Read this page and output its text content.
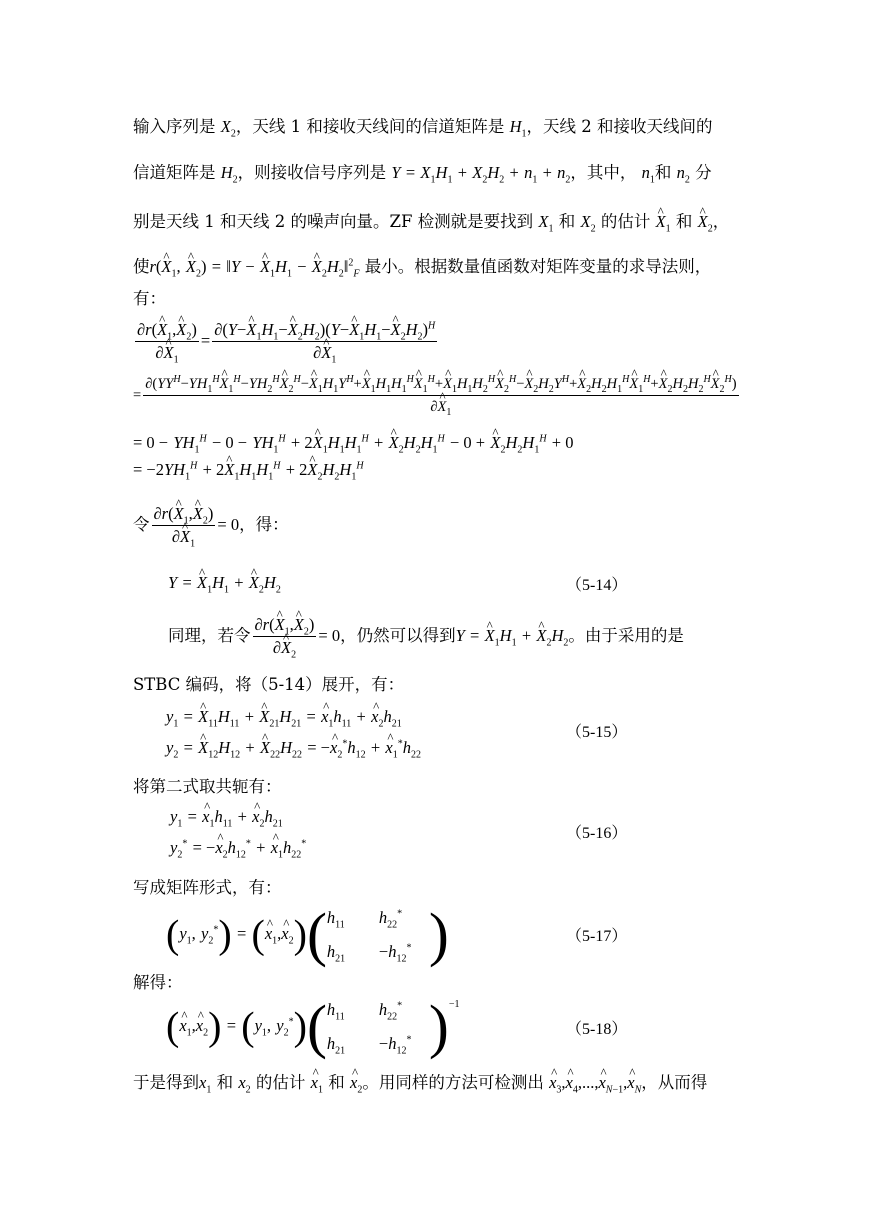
输入序列是 $X_2$，天线 1 和接收天线间的信道矩阵是 $H_1$，天线 2 和接收天线间的
信道矩阵是 $H_2$，则接收信号序列是 $Y = X_1H_1 + X_2H_2 + n_1 + n_2$，其中， $n_1$和 $n_2$ 分
别是天线 1 和天线 2 的噪声向量。ZF 检测就是要找到 $X_1$ 和 $X_2$ 的估计 ^ $X_1$ 和 ^ $X_2$，
使r(^ $X_1$, ^ $X_2$) = ‖Y − ^ $X_1H_1$ − ^ $X_2H_2‖^2_F$ 最小。根据数量值函数对矩阵变量的求导法则，
有：
$\frac{\partial r(\^{} X_1,\^{} X_2)}{\partial\^{} X_1} = \frac{\partial(Y-\^{} X_1H_1-\^{} X_2H_2)(Y-\^{} X_1H_1-\^{} X_2H_2)^H}{\partial\^{} X_1}$
=
$\partial(YY^H-YH_1^H\^{}$ $X_1^H-YH_2^H\^{}$ $X_2^H-\^{}$ $X_1H_1Y^H+\^{}$ $X_1H_1H_1^H\^{}$ $X_1^H+\^{}$ $X_1H_1H_2^H\^{}$ $X_2^H-\^{}$ $X_2H_2Y^H+\^{}$ $X_2H_2H_1^H\^{}$ $X_1^H+\^{}$ $X_2H_2H_2^H\^{}$ $X_2^H$)
∂^ $X_1$
= $0 - YH_1^H - 0 - YH_1^H$ + 2^ $X_1H_1H_1^H$ + ^ $X_2H_2H_1^H - 0$ + ^ $X_2H_2H_1^H + 0$
= $-2YH_1^H$ + 2^ $X_1H_1H_1^H$ + 2^ $X_2H_2H_1^H$
令 $\frac{\partial r(\^{} X_1,\^{} X_2)}{\partial\^{} X_1} = 0$，得：
Y = ^ $X_1H_1$ + ^ $X_2H_2$	（5-14）
同理，若令 $\frac{\partial r(\^{} X_1,\^{} X_2)}{\partial\^{} X_2} = 0$，仍然可以得到Y = ^ $X_1H_1$ + ^ $X_2H_2$。由于采用的是
STBC 编码，将（5-14）展开，有：
$y_1$ = ^ $X_{11}H_{11}$ + ^ $X_{21}H_{21}$ = ^ $x_1h_{11}$ + ^ $x_2h_{21}$
$y_2$ = ^ $X_{12}H_{12}$ + ^ $X_{22}H_{22}$ = −^ $x_2^*h_{12}$ + ^ $x_1^*h_{22}$
（5-15）
将第二式取共轭有：
$y_1$ = ^ $x_1h_{11}$ + ^ $x_2h_{21}$
$y_2^*$ = −^ $x_2h_{12}^*$ + ^ $x_1h_{22}^*$
（5-16）
写成矩阵形式，有：
($y_1$, $y_2^*$) = (^ $x_1,\^{}$ $x_2$)( $h_{11}$	$h_{22}^*$
$h_{21}$	$-h_{12}^*$ )	（5-17）
解得：
(^ $x_1,\^{}$ $x_2) = (y_1$, $y_2^*$)( $h_{11}$	$h_{22}^*$
$h_{21}$	$-h_{12}^*$ )$^{-1}$
（5-18）
于是得到$x_1$ 和 $x_2$ 的估计 ^ $x_1$ 和 ^ $x_2$。用同样的方法可检测出 ^ $x_3,\^{}$ $x_4,...,\^{}$ $x_{N-1},\^{}$ $x_N$，从而得
